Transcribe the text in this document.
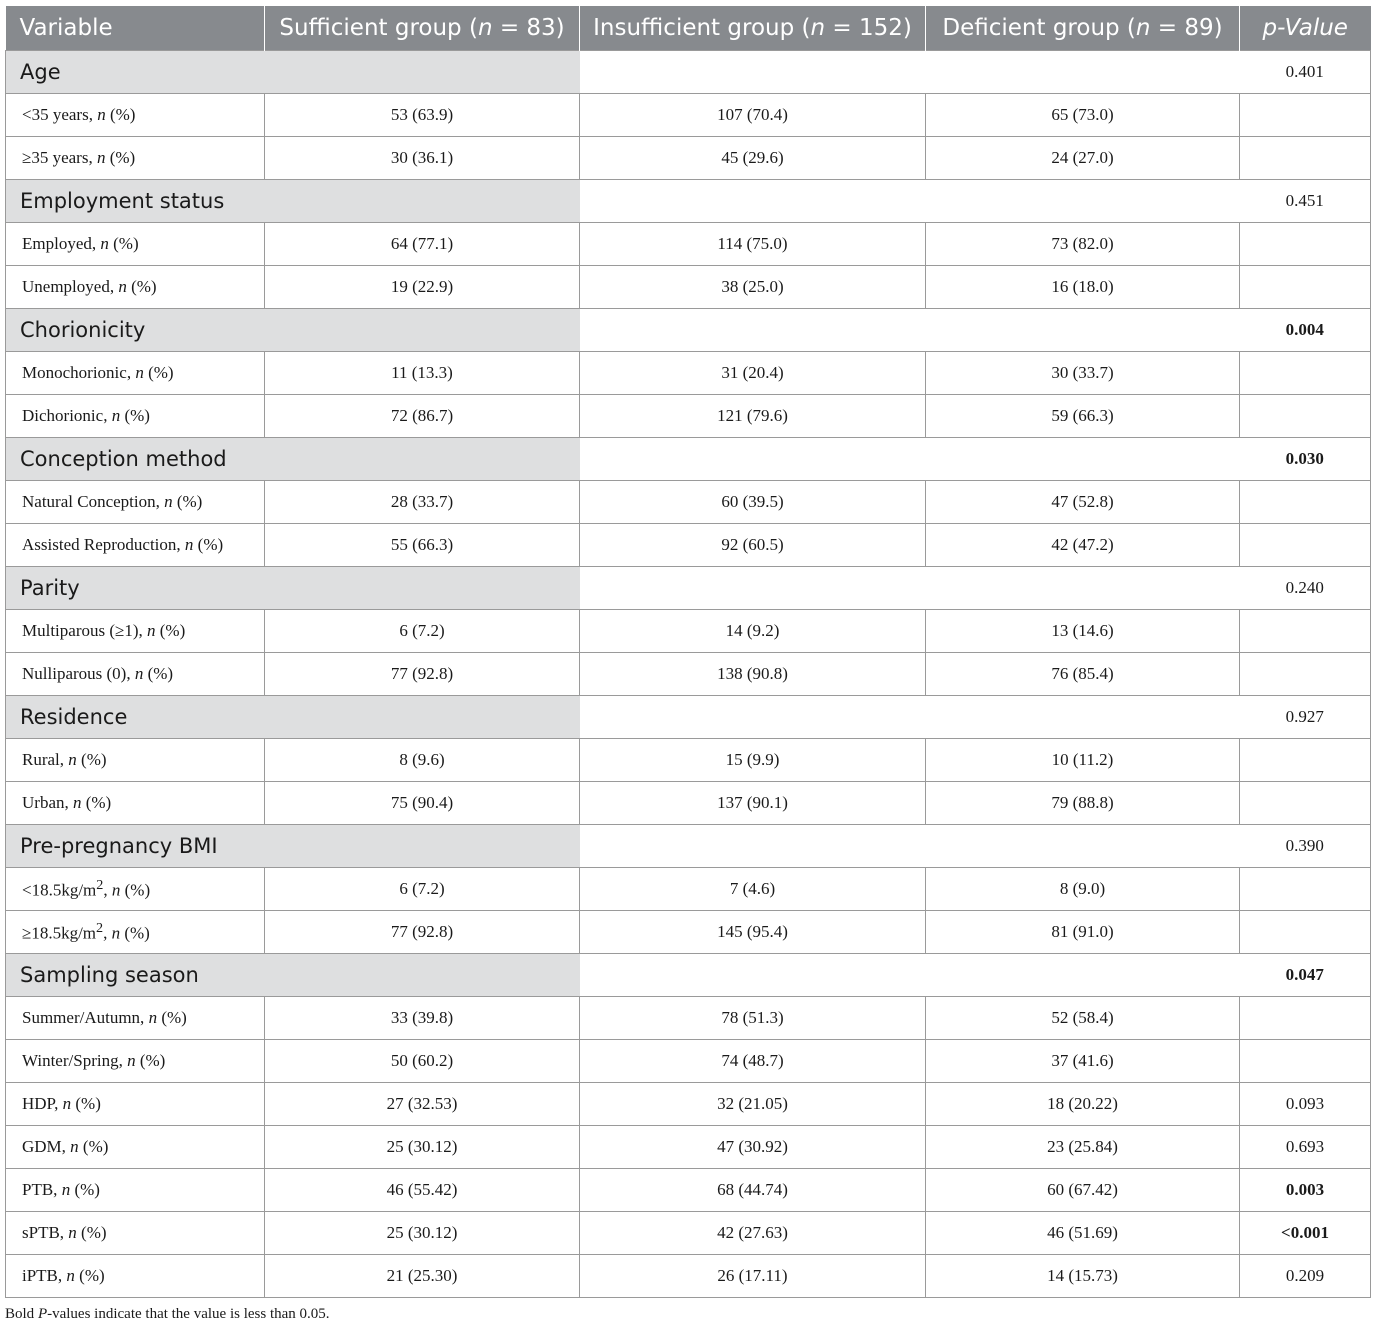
Variable	Sufficient group (n = 83)	Insufficient group (n = 152)	Deficient group (n = 89)	p-Value
Age				0.401
<35 years, n (%)	53 (63.9)	107 (70.4)	65 (73.0)	
≥35 years, n (%)	30 (36.1)	45 (29.6)	24 (27.0)	
Employment status				0.451
Employed, n (%)	64 (77.1)	114 (75.0)	73 (82.0)	
Unemployed, n (%)	19 (22.9)	38 (25.0)	16 (18.0)	
Chorionicity				0.004
Monochorionic, n (%)	11 (13.3)	31 (20.4)	30 (33.7)	
Dichorionic, n (%)	72 (86.7)	121 (79.6)	59 (66.3)	
Conception method				0.030
Natural Conception, n (%)	28 (33.7)	60 (39.5)	47 (52.8)	
Assisted Reproduction, n (%)	55 (66.3)	92 (60.5)	42 (47.2)	
Parity				0.240
Multiparous (≥1), n (%)	6 (7.2)	14 (9.2)	13 (14.6)	
Nulliparous (0), n (%)	77 (92.8)	138 (90.8)	76 (85.4)	
Residence				0.927
Rural, n (%)	8 (9.6)	15 (9.9)	10 (11.2)	
Urban, n (%)	75 (90.4)	137 (90.1)	79 (88.8)	
Pre-pregnancy BMI				0.390
$<18.5kg/m^2$, n (%)	6 (7.2)	7 (4.6)	8 (9.0)	
$\ge 18.5kg/m^2$, n (%)	77 (92.8)	145 (95.4)	81 (91.0)	
Sampling season				0.047
Summer/Autumn, n (%)	33 (39.8)	78 (51.3)	52 (58.4)	
Winter/Spring, n (%)	50 (60.2)	74 (48.7)	37 (41.6)	
HDP, n (%)	27 (32.53)	32 (21.05)	18 (20.22)	0.093
GDM, n (%)	25 (30.12)	47 (30.92)	23 (25.84)	0.693
PTB, n (%)	46 (55.42)	68 (44.74)	60 (67.42)	0.003
sPTB, n (%)	25 (30.12)	42 (27.63)	46 (51.69)	<0.001
iPTB, n (%)	21 (25.30)	26 (17.11)	14 (15.73)	0.209
Bold P-values indicate that the value is less than 0.05.
